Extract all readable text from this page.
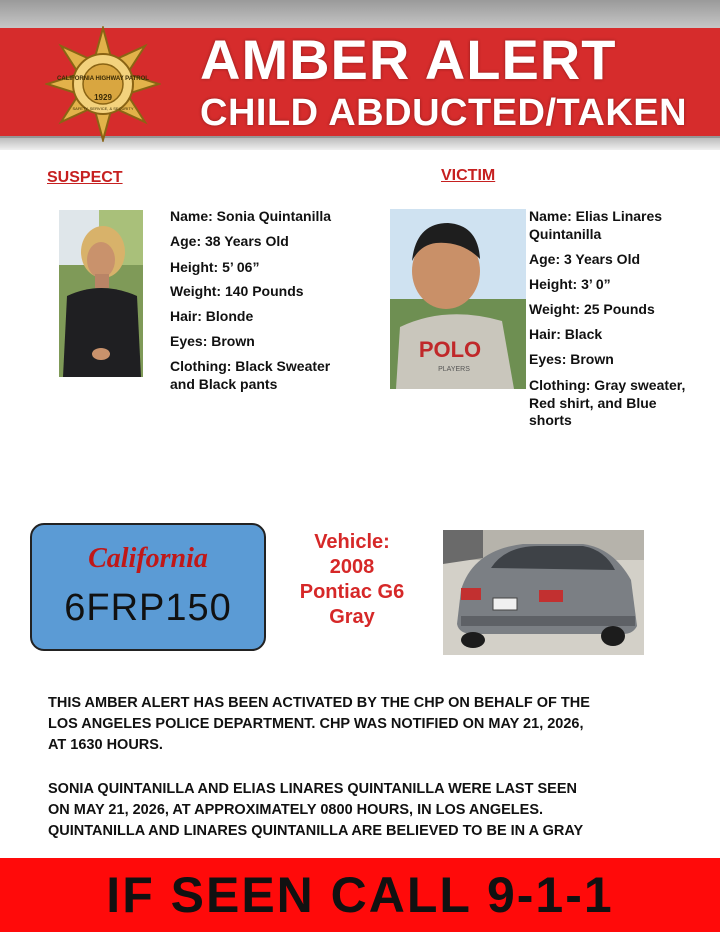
CALIFORNIA HIGHWAY PATROL
1929
SAFETY, SERVICE, & SECURITY
AMBER ALERT
CHILD ABDUCTED/TAKEN
SUSPECT
Name: Sonia Quintanilla
Age: 38 Years Old
Height: 5’ 06”
Weight: 140 Pounds
Hair: Blonde
Eyes: Brown
Clothing: Black Sweater
and Black pants
VICTIM
POLO
PLAYERS
Name: Elias Linares
Quintanilla
Age: 3 Years Old
Height: 3’ 0”
Weight: 25 Pounds
Hair: Black
Eyes: Brown
Clothing: Gray sweater,
Red shirt, and Blue
shorts
California
6FRP150
Vehicle:
2008
Pontiac G6
Gray
THIS AMBER ALERT HAS BEEN ACTIVATED BY THE CHP ON BEHALF OF THE
LOS ANGELES POLICE DEPARTMENT. CHP WAS NOTIFIED ON MAY 21, 2026,
AT 1630 HOURS.
SONIA QUINTANILLA AND ELIAS LINARES QUINTANILLA WERE LAST SEEN
ON MAY 21, 2026, AT APPROXIMATELY 0800 HOURS, IN LOS ANGELES.
QUINTANILLA AND LINARES QUINTANILLA ARE BELIEVED TO BE IN A GRAY
IF SEEN CALL 9-1-1
